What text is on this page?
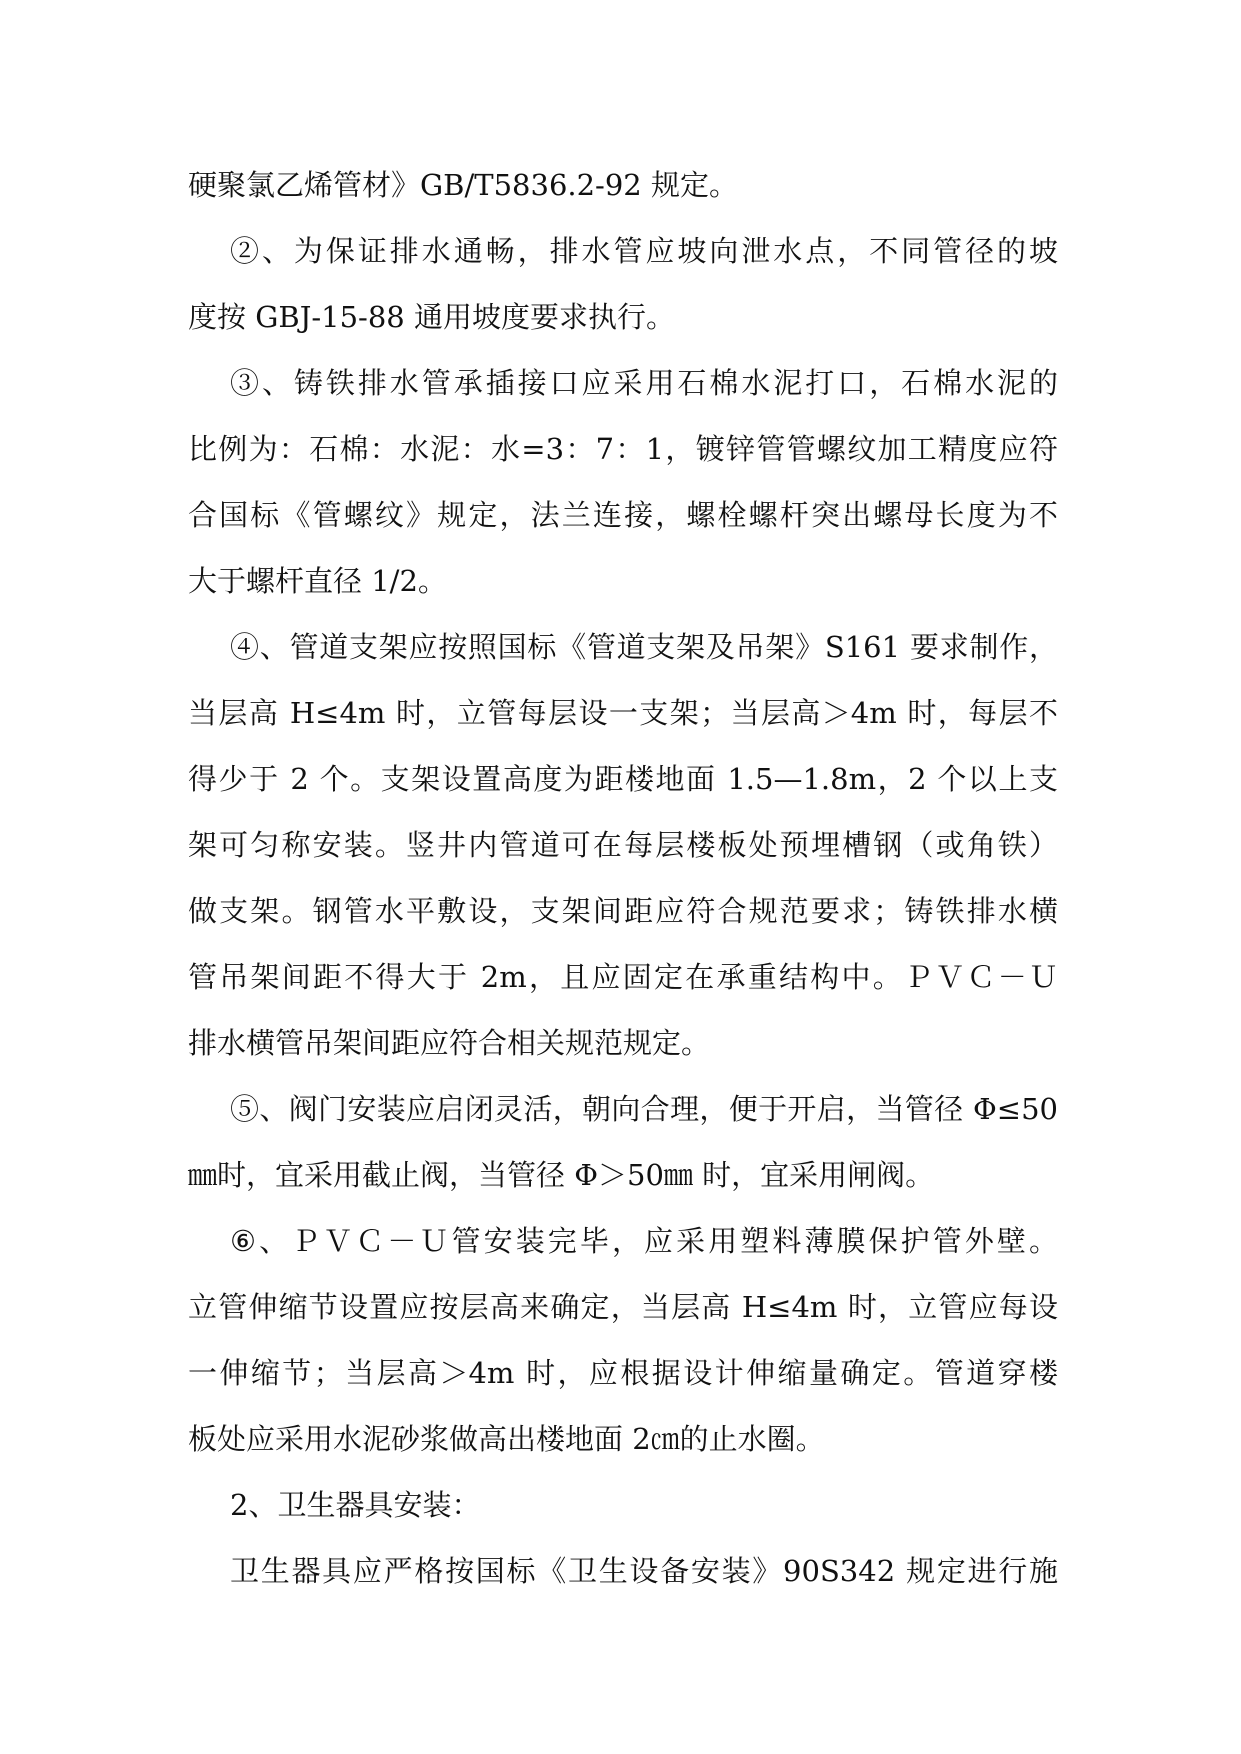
硬聚氯乙烯管材》GB/T5836.2-92 规定。
②、为保证排水通畅，排水管应坡向泄水点，不同管径的坡
度按 GBJ-15-88 通用坡度要求执行。
③、铸铁排水管承插接口应采用石棉水泥打口，石棉水泥的
比例为：石棉：水泥：水=3：7：1，镀锌管管螺纹加工精度应符
合国标《管螺纹》规定，法兰连接，螺栓螺杆突出螺母长度为不
大于螺杆直径 1/2。
④、管道支架应按照国标《管道支架及吊架》S161 要求制作，
当层高 H≤4m 时，立管每层设一支架；当层高＞4m 时，每层不
得少于 2 个。支架设置高度为距楼地面 1.5—1.8m，2 个以上支
架可匀称安装。竖井内管道可在每层楼板处预埋槽钢（或角铁）
做支架。钢管水平敷设，支架间距应符合规范要求；铸铁排水横
管吊架间距不得大于 2m，且应固定在承重结构中。ＰＶＣ－Ｕ
排水横管吊架间距应符合相关规范规定。
⑤、阀门安装应启闭灵活，朝向合理，便于开启，当管径 Φ≤50
㎜时，宜采用截止阀，当管径 Φ＞50㎜ 时，宜采用闸阀。
⑥、ＰＶＣ－Ｕ管安装完毕，应采用塑料薄膜保护管外壁。
立管伸缩节设置应按层高来确定，当层高 H≤4m 时，立管应每设
一伸缩节；当层高＞4m 时，应根据设计伸缩量确定。管道穿楼
板处应采用水泥砂浆做高出楼地面 2㎝的止水圈。
2、卫生器具安装：
卫生器具应严格按国标《卫生设备安装》90S342 规定进行施
